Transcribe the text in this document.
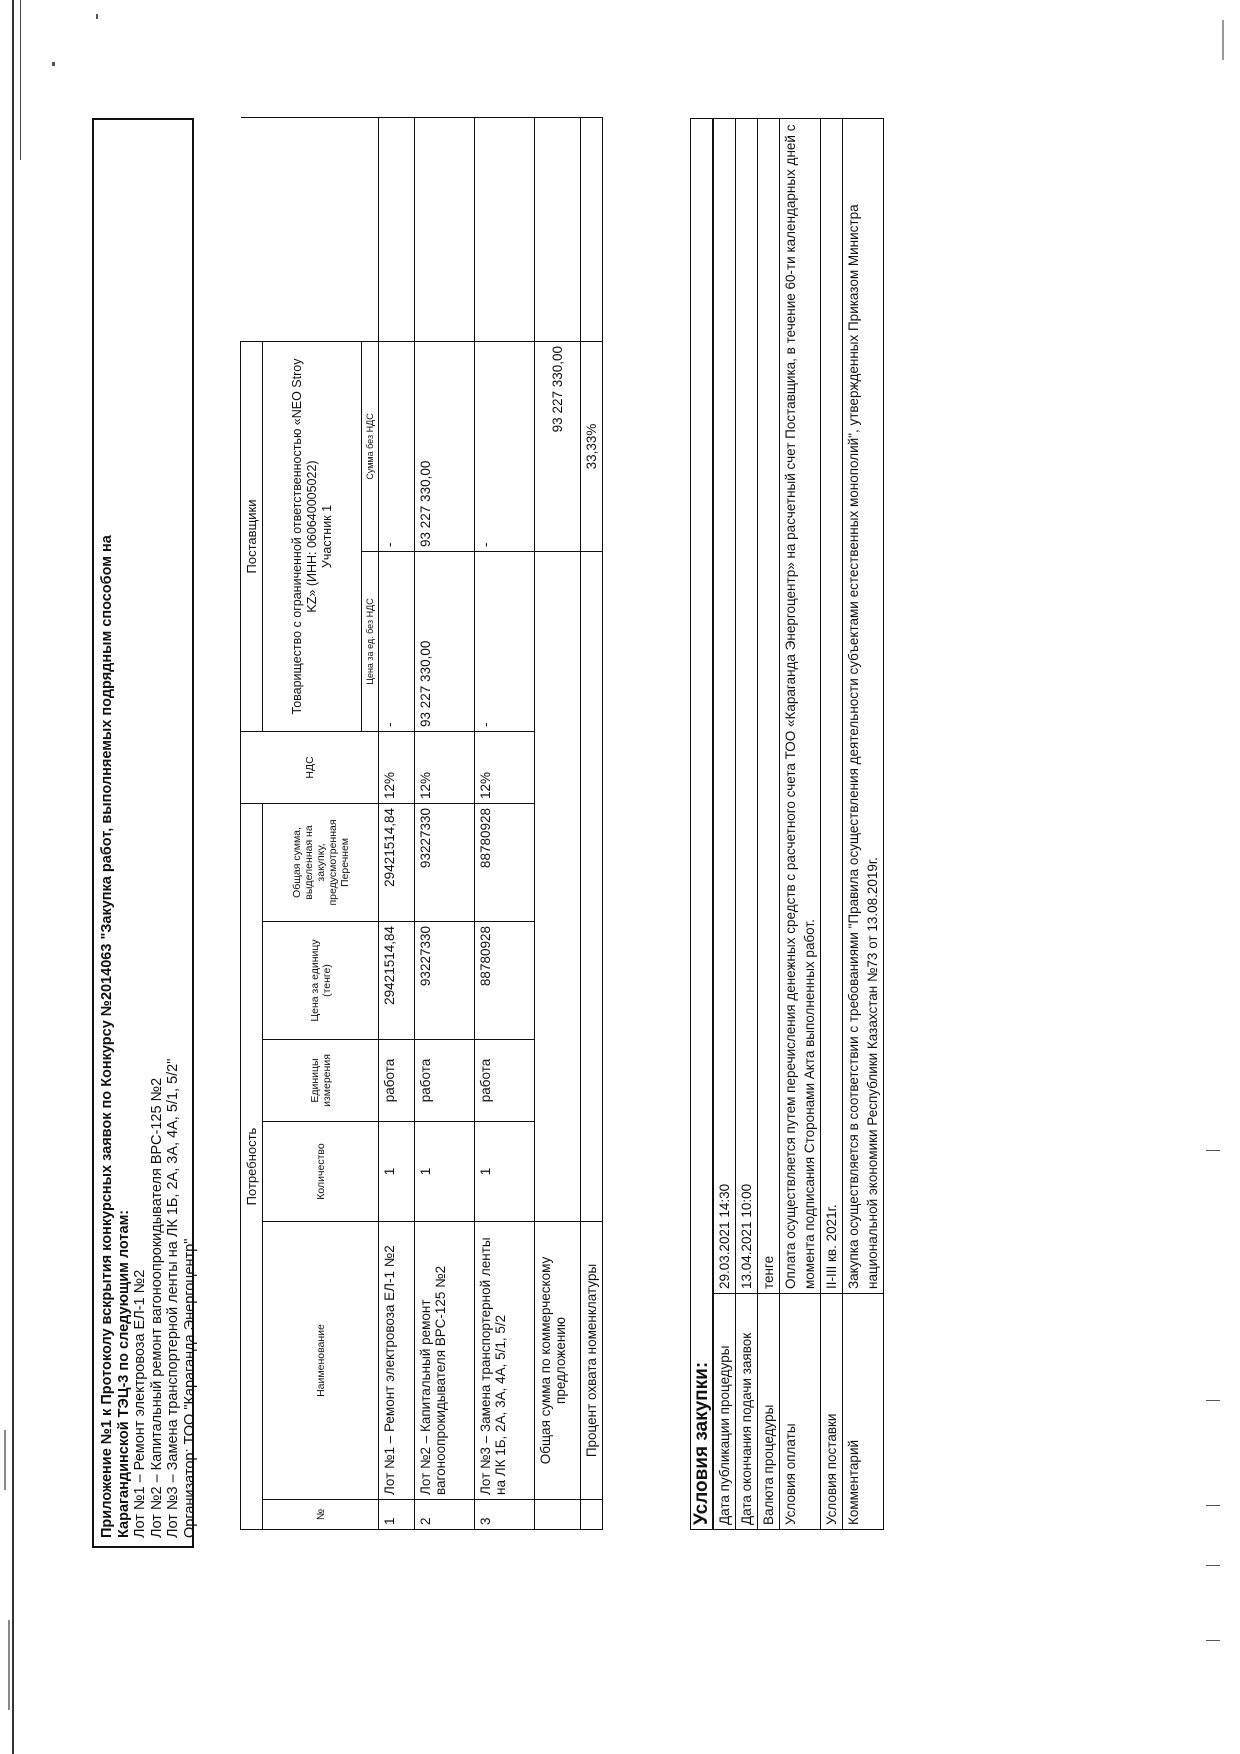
Приложение №1 к Протоколу вскрытия конкурсных заявок по Конкурсу №2014063 "Закупка работ, выполняемых подрядным способом на Карагандинской ТЭЦ-3 по следующим лотам: Лот №1 – Ремонт электровоза ЕЛ-1 №2 Лот №2 – Капитальный ремонт вагоноопрокидывателя ВРС-125 №2 Лот №3 – Замена транспортерной ленты на ЛК 1Б, 2А, 3А, 4А, 5/1, 5/2" Организатор: ТОО "Караганда Энергоцентр"
Потребность						НДС	Поставщики		
№	Наименование	Количество	Единицы измерения	Цена за единицу (тенге)	Общая сумма, выделенная на закупку, предусмотренная Перечнем		Товарищество с ограниченной ответственностью «NEO Stroy KZ» (ИНН: 060640005022) Участник 1		

							Цена за ед. без НДС	Сумма без НДС	
1	Лот №1 – Ремонт электровоза ЕЛ-1 №2	1	работа	29421514,84	29421514,84	12%	-	-	
2	Лот №2 – Капитальный ремонт вагоноопрокидывателя ВРС-125 №2	1	работа	93227330	93227330	12%	93 227 330,00	93 227 330,00	
3	Лот №3 – Замена транспортерной ленты на ЛК 1Б, 2А, 3А, 4А, 5/1, 5/2	1	работа	88780928	88780928	12%	-	-	
	Общая сумма по коммерческому предложению							93 227 330,00	
	Процент охвата номенклатуры							33,33%	
Условия закупки:	
Дата публикации процедуры	29.03.2021 14:30
Дата окончания подачи заявок	13.04.2021 10:00
Валюта процедуры	тенге
Условия оплаты	Оплата осуществляется путем перечисления денежных средств с расчетного счета ТОО «Караганда Энергоцентр» на расчетный счет Поставщика, в течение 60-ти календарных дней с момента подписания Сторонами Акта выполненных работ.
Условия поставки	II-III кв. 2021г.
Комментарий	Закупка осуществляется в соответствии с требованиями "Правила осуществления деятельности субъектами естественных монополий", утвержденных Приказом Министра национальной экономики Республики Казахстан №73 от 13.08.2019г.
